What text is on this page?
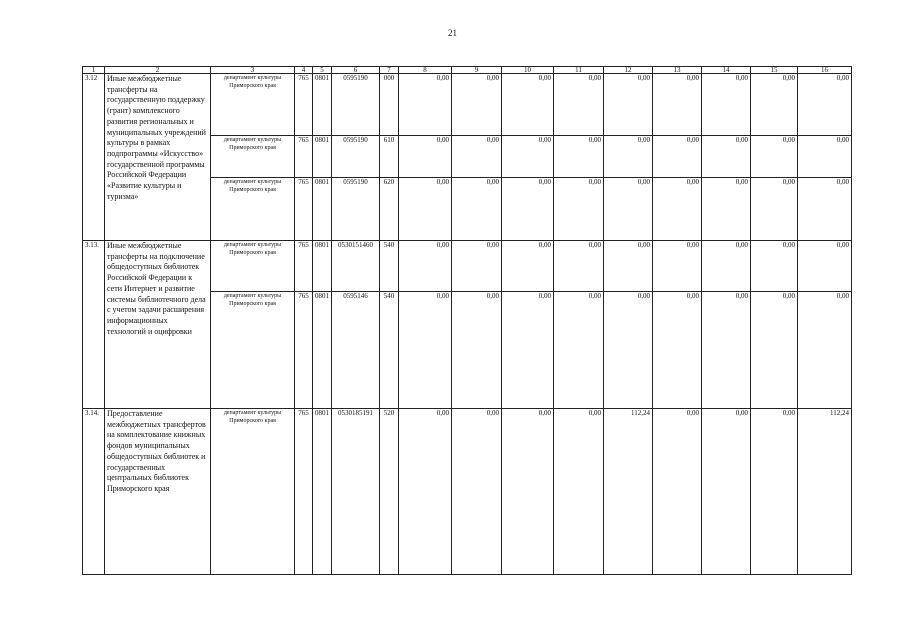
21
1	2	3	4	5	6	7	8	9	10	11	12	13	14	15	16
3.12	Иные межбюджетные трансферты на государственную поддержку (грант) комплексного развития региональных и муниципальных учреждений культуры в рамках подпрограммы «Искусство» государственной программы Российской Федерации «Развитие культуры и туризма»	департамент культуры Приморского края	765	0801	0595190	000	0,00	0,00	0,00	0,00	0,00	0,00	0,00	0,00	0,00
		департамент культуры Приморского края	765	0801	0595190	610	0,00	0,00	0,00	0,00	0,00	0,00	0,00	0,00	0,00
		департамент культуры Приморского края	765	0801	0595190	620	0,00	0,00	0,00	0,00	0,00	0,00	0,00	0,00	0,00
3.13.	Иные межбюджетные трансферты на подключение общедоступных библиотек Российской Федерации к сети Интернет и развитие системы библиотечного дела с учетом задачи расширения информационных технологий и оцифровки	департамент культуры Приморского края	765	0801	0530151460	540	0,00	0,00	0,00	0,00	0,00	0,00	0,00	0,00	0,00
		департамент культуры Приморского края	765	0801	0595146	540	0,00	0,00	0,00	0,00	0,00	0,00	0,00	0,00	0,00
3.14.	Предоставление межбюджетных трансфертов на комплектование книжных фондов муниципальных общедоступных библиотек и государственных центральных библиотек Приморского края	департамент культуры Приморского края	765	0801	0530185191	520	0,00	0,00	0,00	0,00	112,24	0,00	0,00	0,00	112,24
